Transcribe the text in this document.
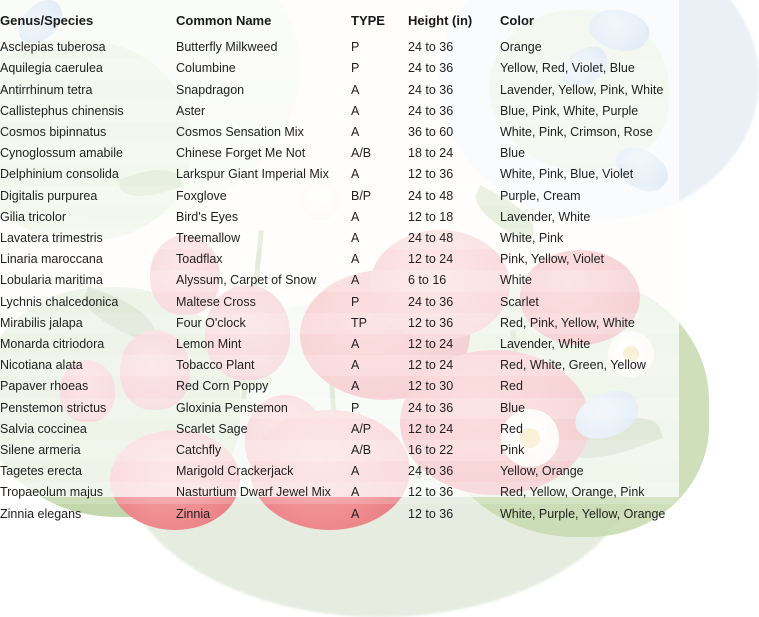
Genus/Species	Common Name	TYPE	Height (in)	Color
Asclepias tuberosa	Butterfly Milkweed	P	24 to 36	Orange
Aquilegia caerulea	Columbine	P	24 to 36	Yellow, Red, Violet, Blue
Antirrhinum tetra	Snapdragon	A	24 to 36	Lavender, Yellow, Pink, White
Callistephus chinensis	Aster	A	24 to 36	Blue, Pink, White, Purple
Cosmos bipinnatus	Cosmos Sensation Mix	A	36 to 60	White, Pink, Crimson, Rose
Cynoglossum amabile	Chinese Forget Me Not	A/B	18 to 24	Blue
Delphinium consolida	Larkspur Giant Imperial Mix	A	12 to 36	White, Pink, Blue, Violet
Digitalis purpurea	Foxglove	B/P	24 to 48	Purple, Cream
Gilia tricolor	Bird's Eyes	A	12 to 18	Lavender, White
Lavatera trimestris	Treemallow	A	24 to 48	White, Pink
Linaria maroccana	Toadflax	A	12 to 24	Pink, Yellow, Violet
Lobularia maritima	Alyssum, Carpet of Snow	A	6 to 16	White
Lychnis chalcedonica	Maltese Cross	P	24 to 36	Scarlet
Mirabilis jalapa	Four O'clock	TP	12 to 36	Red, Pink, Yellow, White
Monarda citriodora	Lemon Mint	A	12 to 24	Lavender, White
Nicotiana alata	Tobacco Plant	A	12 to 24	Red, White, Green, Yellow
Papaver rhoeas	Red Corn Poppy	A	12 to 30	Red
Penstemon strictus	Gloxinia Penstemon	P	24 to 36	Blue
Salvia coccinea	Scarlet Sage	A/P	12 to 24	Red
Silene armeria	Catchfly	A/B	16 to 22	Pink
Tagetes erecta	Marigold Crackerjack	A	24 to 36	Yellow, Orange
Tropaeolum majus	Nasturtium Dwarf Jewel Mix	A	12 to 36	Red, Yellow, Orange, Pink
Zinnia elegans	Zinnia	A	12 to 36	White, Purple, Yellow, Orange
